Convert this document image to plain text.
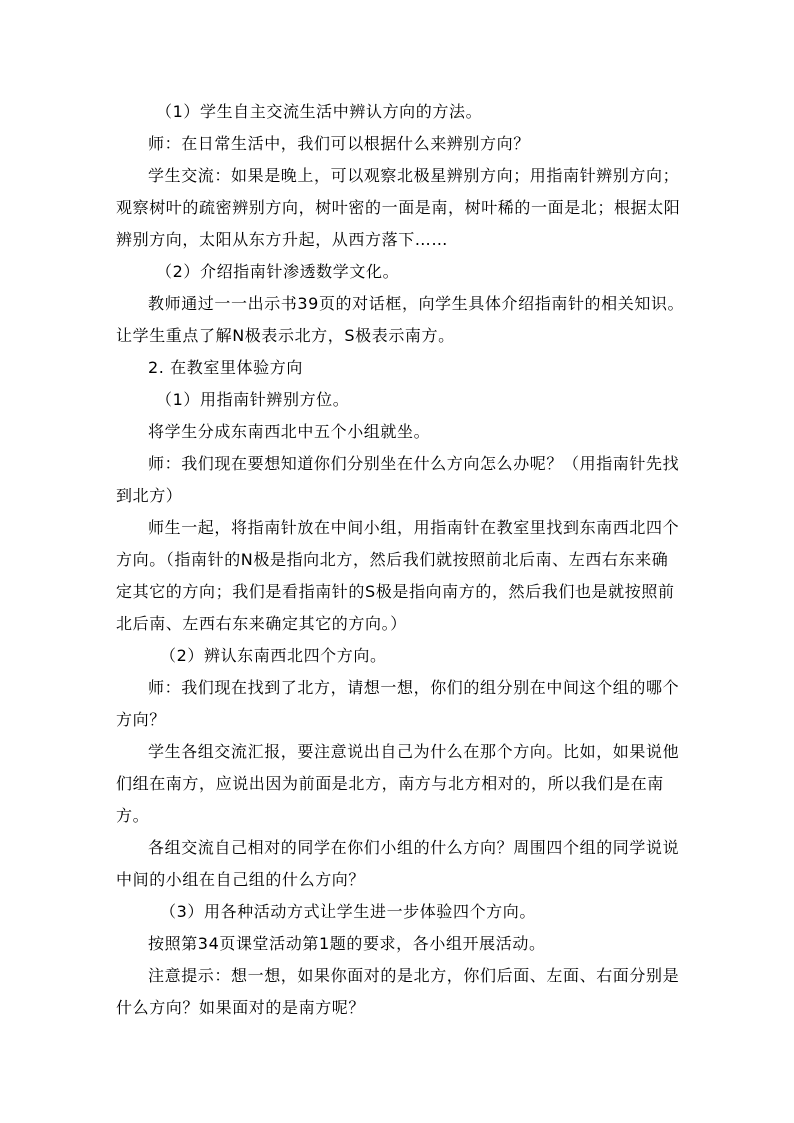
（1）学生自主交流生活中辨认方向的方法。
师：在日常生活中，我们可以根据什么来辨别方向？
学生交流：如果是晚上，可以观察北极星辨别方向；用指南针辨别方向；
观察树叶的疏密辨别方向，树叶密的一面是南，树叶稀的一面是北；根据太阳
辨别方向，太阳从东方升起，从西方落下……
（2）介绍指南针渗透数学文化。
教师通过一一出示书39页的对话框，向学生具体介绍指南针的相关知识。
让学生重点了解N极表示北方，S极表示南方。
2. 在教室里体验方向
（1）用指南针辨别方位。
将学生分成东南西北中五个小组就坐。
师：我们现在要想知道你们分别坐在什么方向怎么办呢？（用指南针先找
到北方）
师生一起，将指南针放在中间小组，用指南针在教室里找到东南西北四个
方向。（指南针的N极是指向北方，然后我们就按照前北后南、左西右东来确
定其它的方向；我们是看指南针的S极是指向南方的，然后我们也是就按照前
北后南、左西右东来确定其它的方向。）
（2）辨认东南西北四个方向。
师：我们现在找到了北方，请想一想，你们的组分别在中间这个组的哪个
方向？
学生各组交流汇报，要注意说出自己为什么在那个方向。比如，如果说他
们组在南方，应说出因为前面是北方，南方与北方相对的，所以我们是在南
方。
各组交流自己相对的同学在你们小组的什么方向？周围四个组的同学说说
中间的小组在自己组的什么方向？
（3）用各种活动方式让学生进一步体验四个方向。
按照第34页课堂活动第1题的要求，各小组开展活动。
注意提示：想一想，如果你面对的是北方，你们后面、左面、右面分别是
什么方向？如果面对的是南方呢？
